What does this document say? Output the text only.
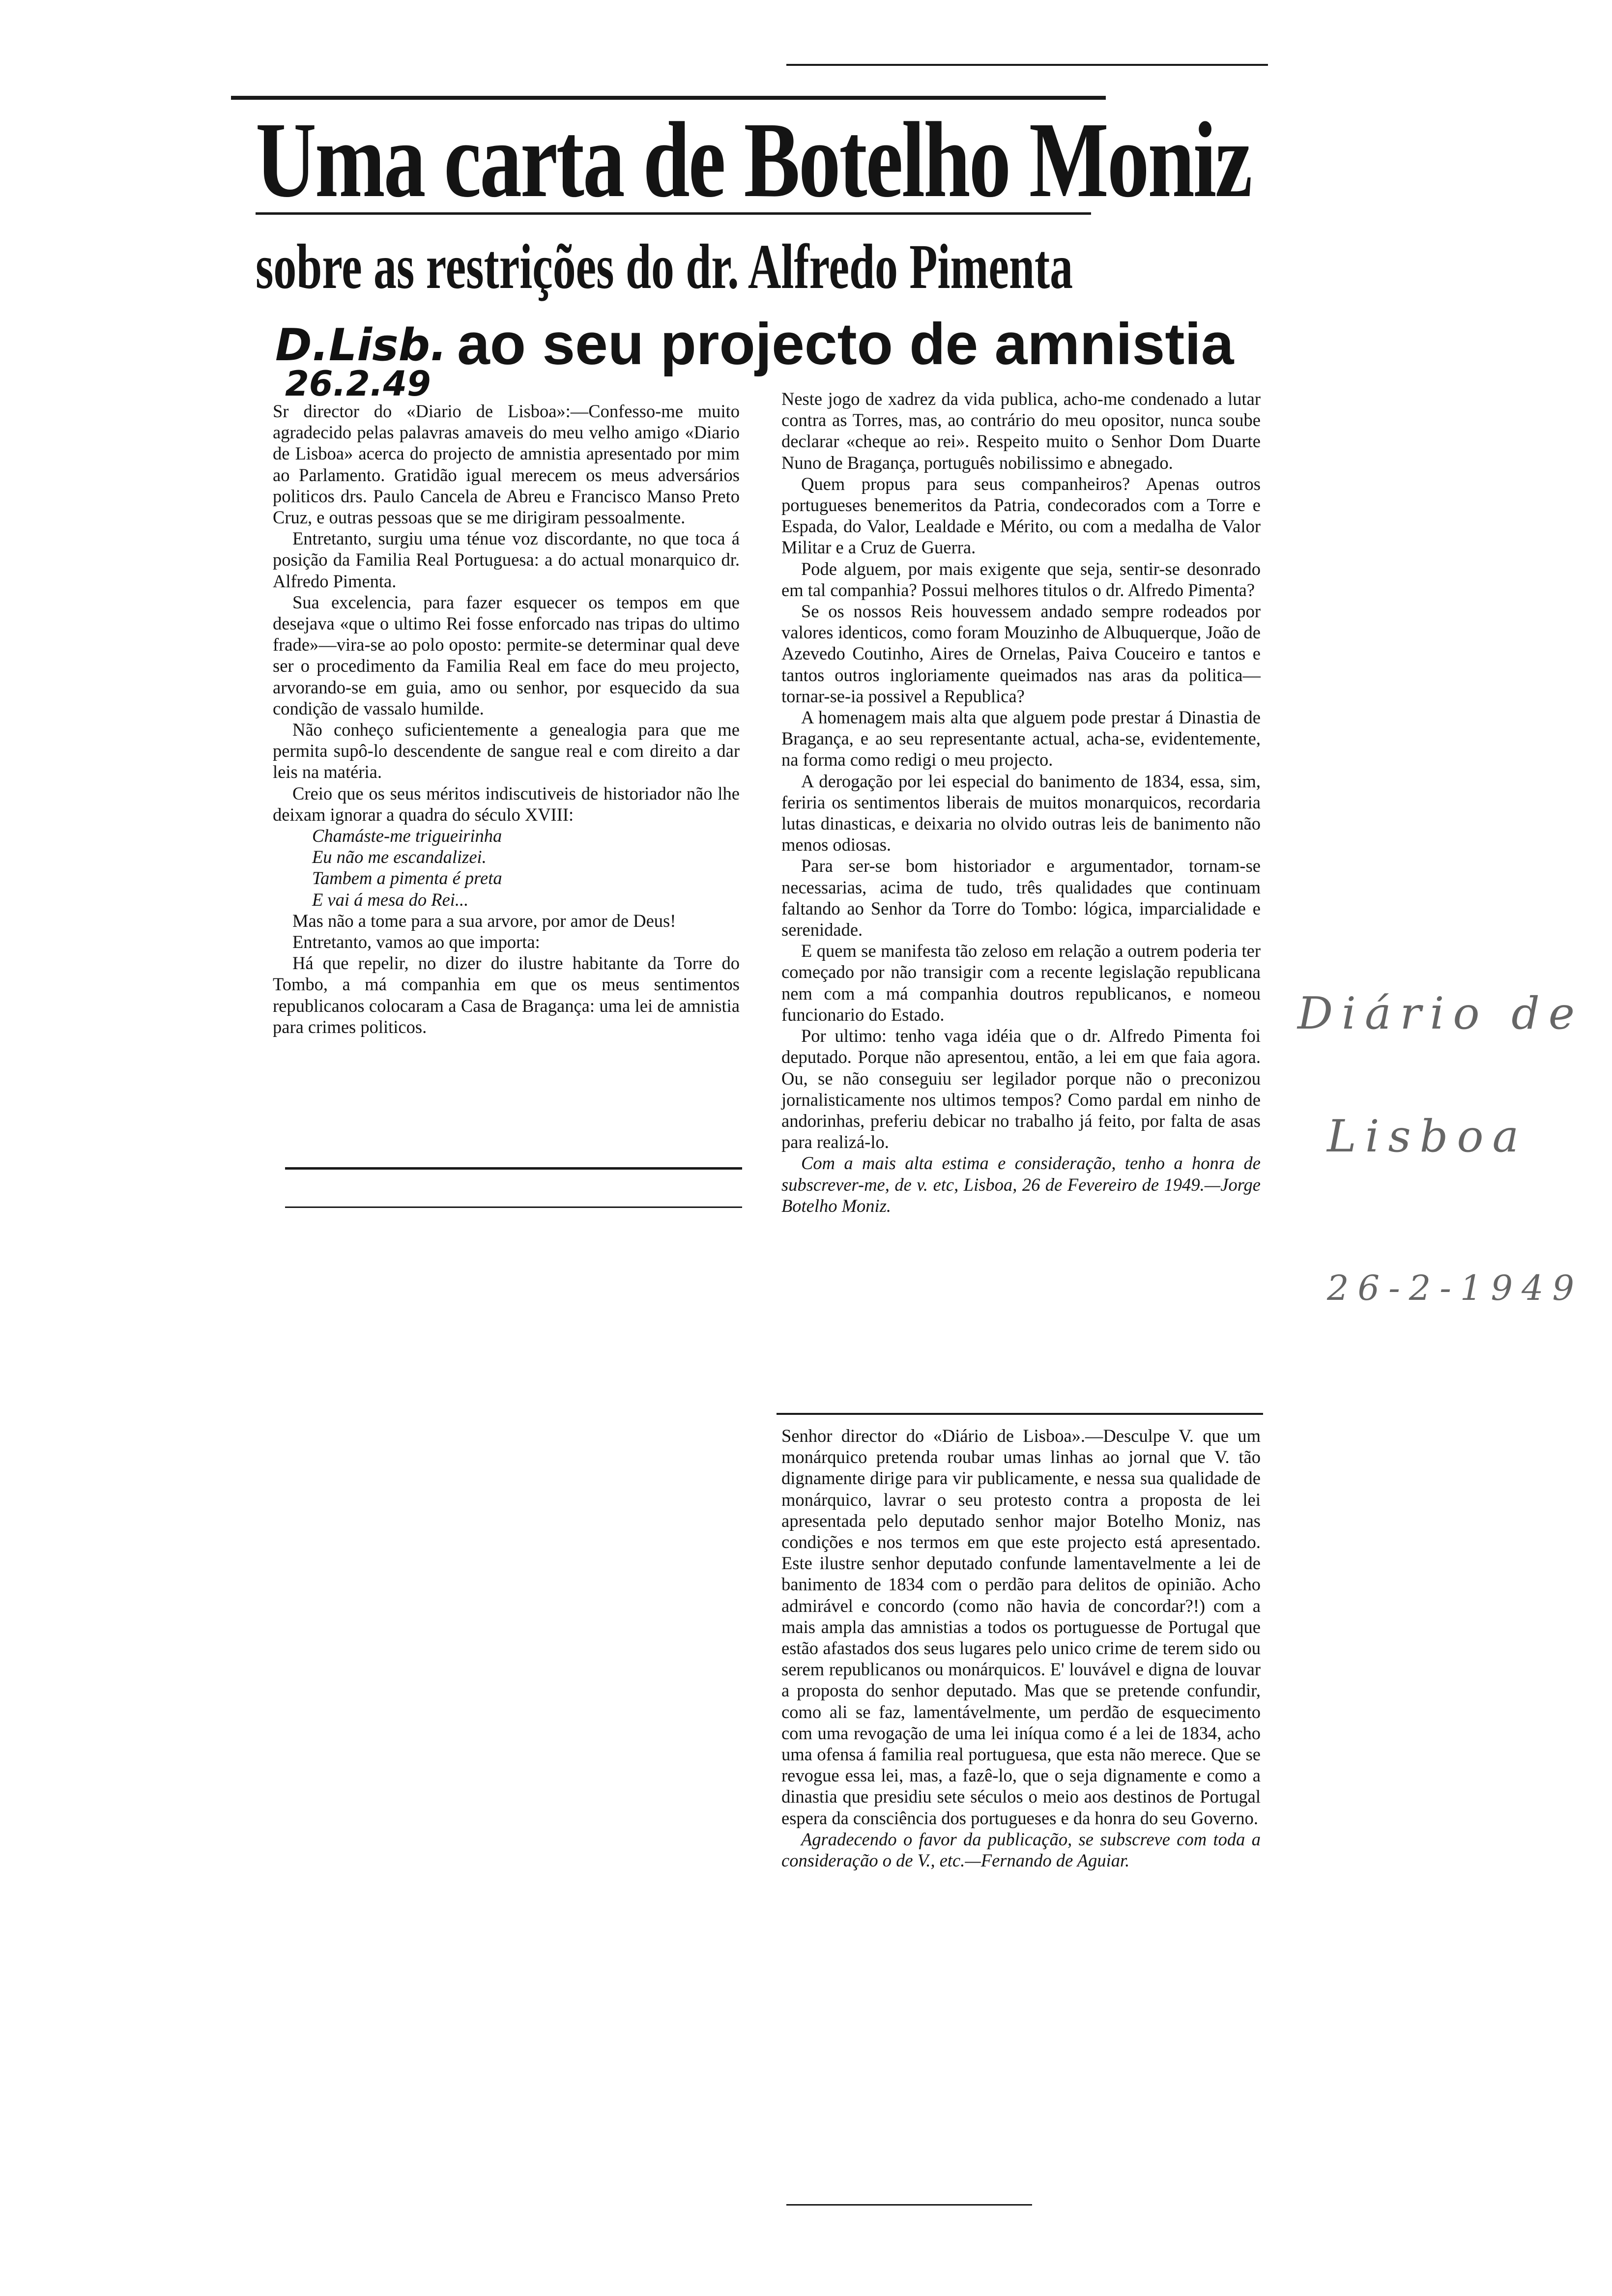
Uma carta de Botelho Moniz
sobre as restrições do dr. Alfredo Pimenta
ao seu projecto de amnistia
D.Lisb.
26.2.49

Sr director do «Diario de Lisboa»:—Confesso-me muito agradecido pelas palavras amaveis do meu velho amigo «Diario de Lisboa» acerca do projecto de amnistia apresentado por mim ao Parlamento. Gratidão igual merecem os meus adversários politicos drs. Paulo Cancela de Abreu e Francisco Manso Preto Cruz, e outras pessoas que se me dirigiram pessoalmente.

Entretanto, surgiu uma ténue voz discordante, no que toca á posição da Familia Real Portuguesa: a do actual monarquico dr. Alfredo Pimenta.

Sua excelencia, para fazer esquecer os tempos em que desejava «que o ultimo Rei fosse enforcado nas tripas do ultimo frade»—vira-se ao polo oposto: permite-se determinar qual deve ser o procedimento da Familia Real em face do meu projecto, arvorando-se em guia, amo ou senhor, por esquecido da sua condição de vassalo humilde.

Não conheço suficientemente a genealogia para que me permita supô-lo descendente de sangue real e com direito a dar leis na matéria.

Creio que os seus méritos indiscutiveis de historiador não lhe deixam ignorar a quadra do século XVIII:

Chamáste-me trigueirinha
Eu não me escandalizei.
Tambem a pimenta é preta
E vai á mesa do Rei...

Mas não a tome para a sua arvore, por amor de Deus!

Entretanto, vamos ao que importa:

Há que repelir, no dizer do ilustre habitante da Torre do Tombo, a má companhia em que os meus sentimentos republicanos colocaram a Casa de Bragança: uma lei de amnistia para crimes politicos.

Neste jogo de xadrez da vida publica, acho-me condenado a lutar contra as Torres, mas, ao contrário do meu opositor, nunca soube declarar «cheque ao rei». Respeito muito o Senhor Dom Duarte Nuno de Bragança, português nobilissimo e abnegado.

Quem propus para seus companheiros? Apenas outros portugueses benemeritos da Patria, condecorados com a Torre e Espada, do Valor, Lealdade e Mérito, ou com a medalha de Valor Militar e a Cruz de Guerra.

Pode alguem, por mais exigente que seja, sentir-se desonrado em tal companhia? Possui melhores titulos o dr. Alfredo Pimenta?

Se os nossos Reis houvessem andado sempre rodeados por valores identicos, como foram Mouzinho de Albuquerque, João de Azevedo Coutinho, Aires de Ornelas, Paiva Couceiro e tantos e tantos outros ingloriamente queimados nas aras da politica—tornar-se-ia possivel a Republica?

A homenagem mais alta que alguem pode prestar á Dinastia de Bragança, e ao seu representante actual, acha-se, evidentemente, na forma como redigi o meu projecto.

A derogação por lei especial do banimento de 1834, essa, sim, feriria os sentimentos liberais de muitos monarquicos, recordaria lutas dinasticas, e deixaria no olvido outras leis de banimento não menos odiosas.

Para ser-se bom historiador e argumentador, tornam-se necessarias, acima de tudo, três qualidades que continuam faltando ao Senhor da Torre do Tombo: lógica, imparcialidade e serenidade.

E quem se manifesta tão zeloso em relação a outrem poderia ter começado por não transigir com a recente legislação republicana nem com a má companhia doutros republicanos, e nomeou funcionario do Estado.

Por ultimo: tenho vaga idéia que o dr. Alfredo Pimenta foi deputado. Porque não apresentou, então, a lei em que faia agora. Ou, se não conseguiu ser legilador porque não o preconizou jornalisticamente nos ultimos tempos? Como pardal em ninho de andorinhas, preferiu debicar no trabalho já feito, por falta de asas para realizá-lo.

Com a mais alta estima e consideração, tenho a honra de subscrever-me, de v. etc, Lisboa, 26 de Fevereiro de 1949.—Jorge Botelho Moniz.

Senhor director do «Diário de Lisboa».—Desculpe V. que um monárquico pretenda roubar umas linhas ao jornal que V. tão dignamente dirige para vir publicamente, e nessa sua qualidade de monárquico, lavrar o seu protesto contra a proposta de lei apresentada pelo deputado senhor major Botelho Moniz, nas condições e nos termos em que este projecto está apresentado. Este ilustre senhor deputado confunde lamentavelmente a lei de banimento de 1834 com o perdão para delitos de opinião. Acho admirável e concordo (como não havia de concordar?!) com a mais ampla das amnistias a todos os portuguesse de Portugal que estão afastados dos seus lugares pelo unico crime de terem sido ou serem republicanos ou monárquicos. E' louvável e digna de louvar a proposta do senhor deputado. Mas que se pretende confundir, como ali se faz, lamentávelmente, um perdão de esquecimento com uma revogação de uma lei iníqua como é a lei de 1834, acho uma ofensa á familia real portuguesa, que esta não merece. Que se revogue essa lei, mas, a fazê-lo, que o seja dignamente e como a dinastia que presidiu sete séculos o meio aos destinos de Portugal espera da consciência dos portugueses e da honra do seu Governo.

Agradecendo o favor da publicação, se subscreve com toda a consideração o de V., etc.—Fernando de Aguiar.

Diário de
Lisboa
26-2-1949
